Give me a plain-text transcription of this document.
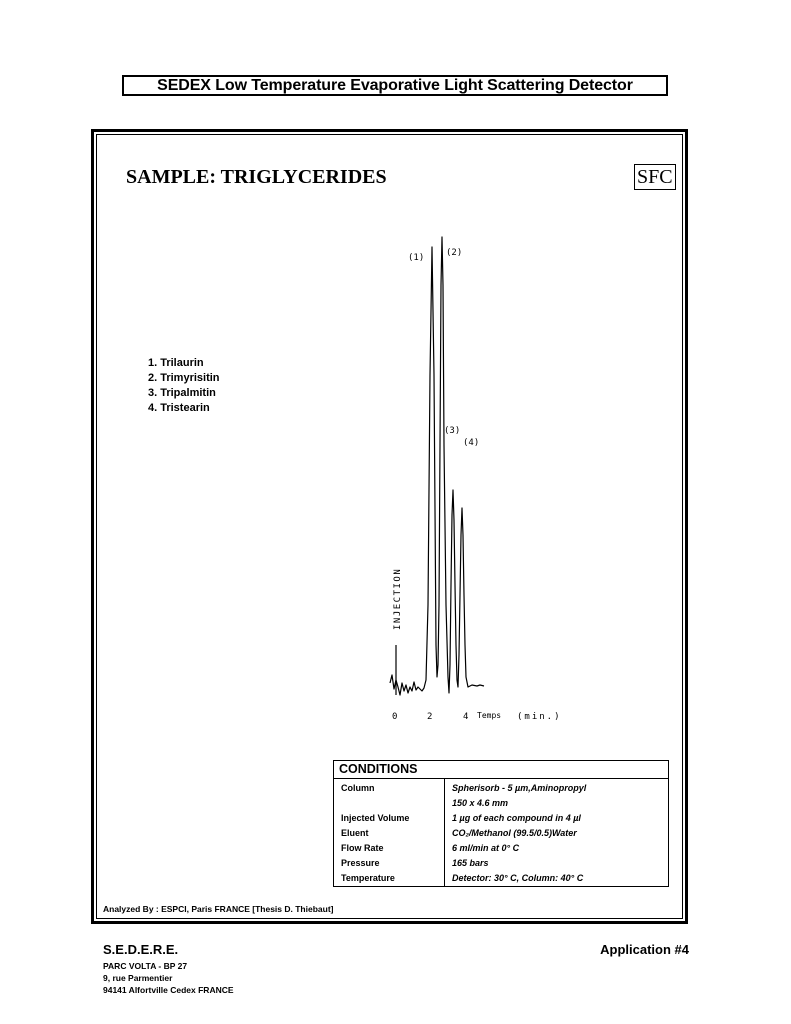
SEDEX Low Temperature Evaporative Light Scattering Detector
SAMPLE: TRIGLYCERIDES	SFC
1. Trilaurin
2. Trimyrisitin
3. Tripalmitin
4. Tristearin
INJECTION
(1) (2)
(3)
(4)
0	2	4 Temps (min.)
CONDITIONS
Column	Spherisorb - 5 µm,Aminopropyl
150 x 4.6 mm
Injected Volume	1 µg of each compound in 4 µl
Eluent	CO₂/Methanol (99.5/0.5)Water
Flow Rate	6 ml/min at 0° C
Pressure	165 bars
Temperature	Detector: 30° C, Column: 40° C
Analyzed By : ESPCI, Paris FRANCE [Thesis D. Thiebaut]
S.E.D.E.R.E.
PARC VOLTA - BP 27
9, rue Parmentier
94141 Alfortville Cedex FRANCE
Application #4
